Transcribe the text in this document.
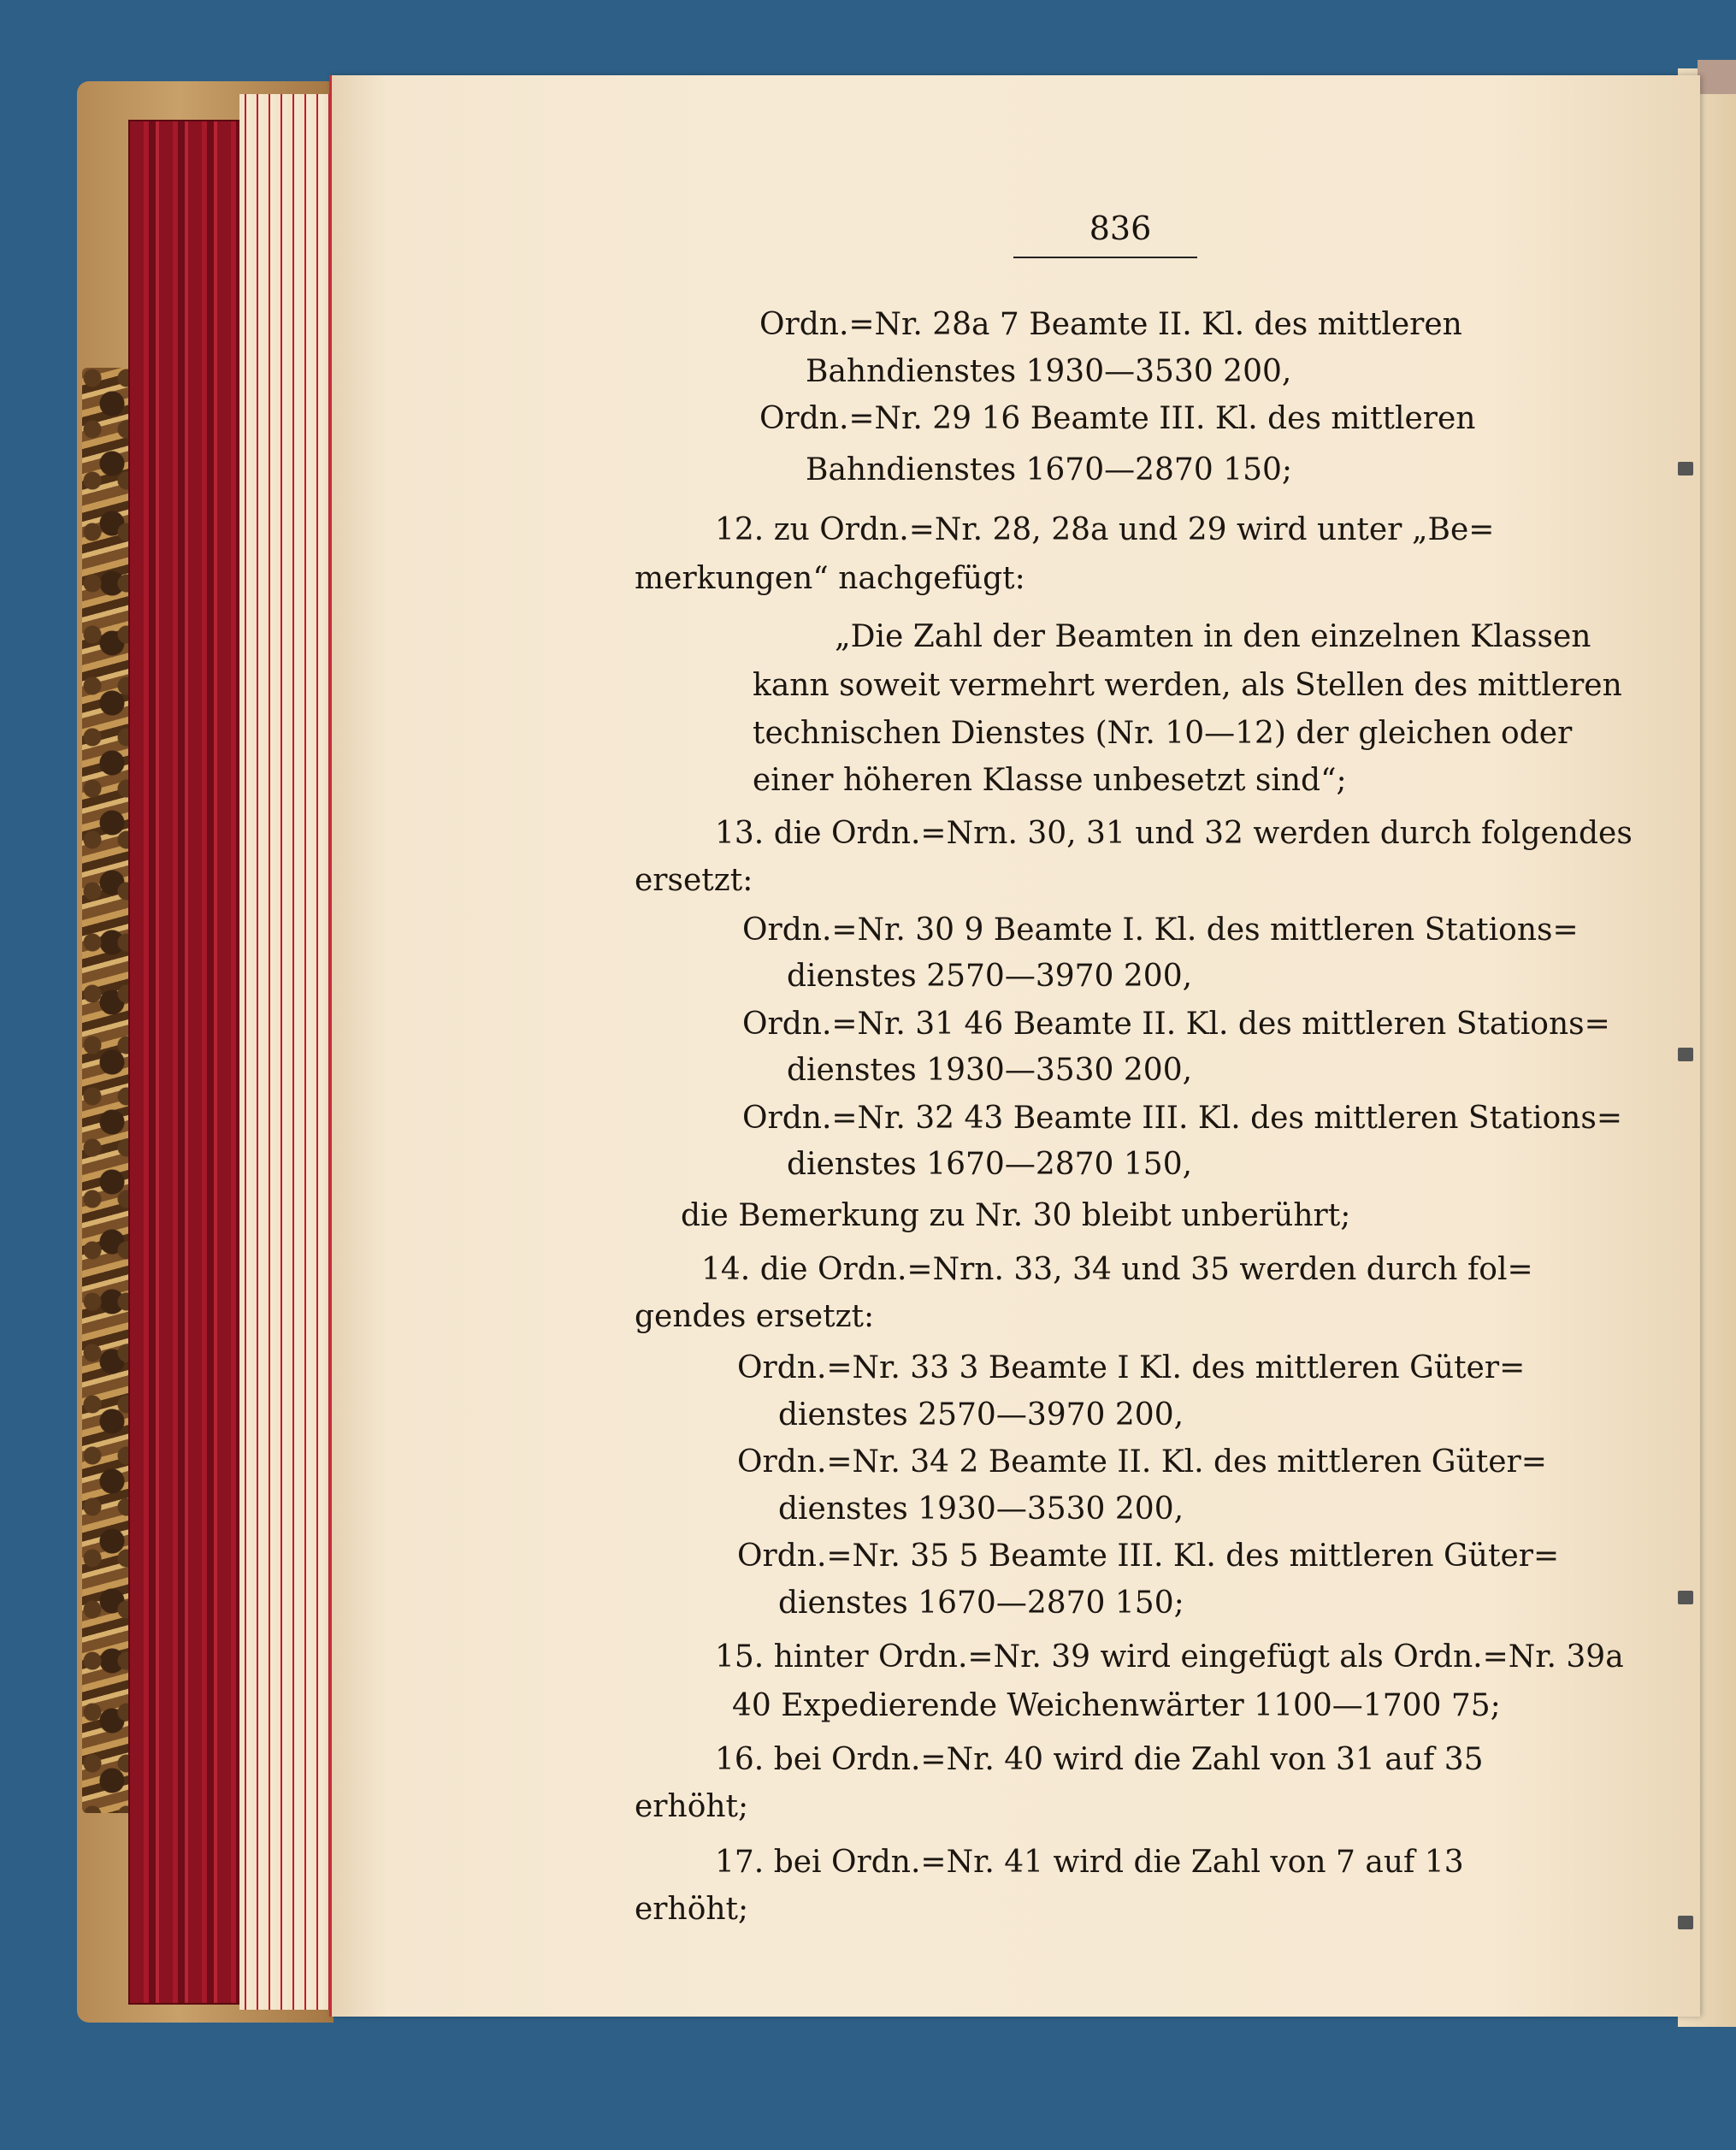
836
Ordn.=Nr. 28a 7 Beamte II. Kl. des mittleren
Bahndienstes 1930—3530 200,
Ordn.=Nr. 29 16 Beamte III. Kl. des mittleren
Bahndienstes 1670—2870 150;
12. zu Ordn.=Nr. 28, 28a und 29 wird unter „Be=
merkungen“ nachgefügt:
„Die Zahl der Beamten in den einzelnen Klassen
kann soweit vermehrt werden, als Stellen des mittleren
technischen Dienstes (Nr. 10—12) der gleichen oder
einer höheren Klasse unbesetzt sind“;
13. die Ordn.=Nrn. 30, 31 und 32 werden durch folgendes
ersetzt:
Ordn.=Nr. 30 9 Beamte I. Kl. des mittleren Stations=
dienstes 2570—3970 200,
Ordn.=Nr. 31 46 Beamte II. Kl. des mittleren Stations=
dienstes 1930—3530 200,
Ordn.=Nr. 32 43 Beamte III. Kl. des mittleren Stations=
dienstes 1670—2870 150,
die Bemerkung zu Nr. 30 bleibt unberührt;
14. die Ordn.=Nrn. 33, 34 und 35 werden durch fol=
gendes ersetzt:
Ordn.=Nr. 33 3 Beamte I Kl. des mittleren Güter=
dienstes 2570—3970 200,
Ordn.=Nr. 34 2 Beamte II. Kl. des mittleren Güter=
dienstes 1930—3530 200,
Ordn.=Nr. 35 5 Beamte III. Kl. des mittleren Güter=
dienstes 1670—2870 150;
15. hinter Ordn.=Nr. 39 wird eingefügt als Ordn.=Nr. 39a
40 Expedierende Weichenwärter 1100—1700 75;
16. bei Ordn.=Nr. 40 wird die Zahl von 31 auf 35
erhöht;
17. bei Ordn.=Nr. 41 wird die Zahl von 7 auf 13
erhöht;
